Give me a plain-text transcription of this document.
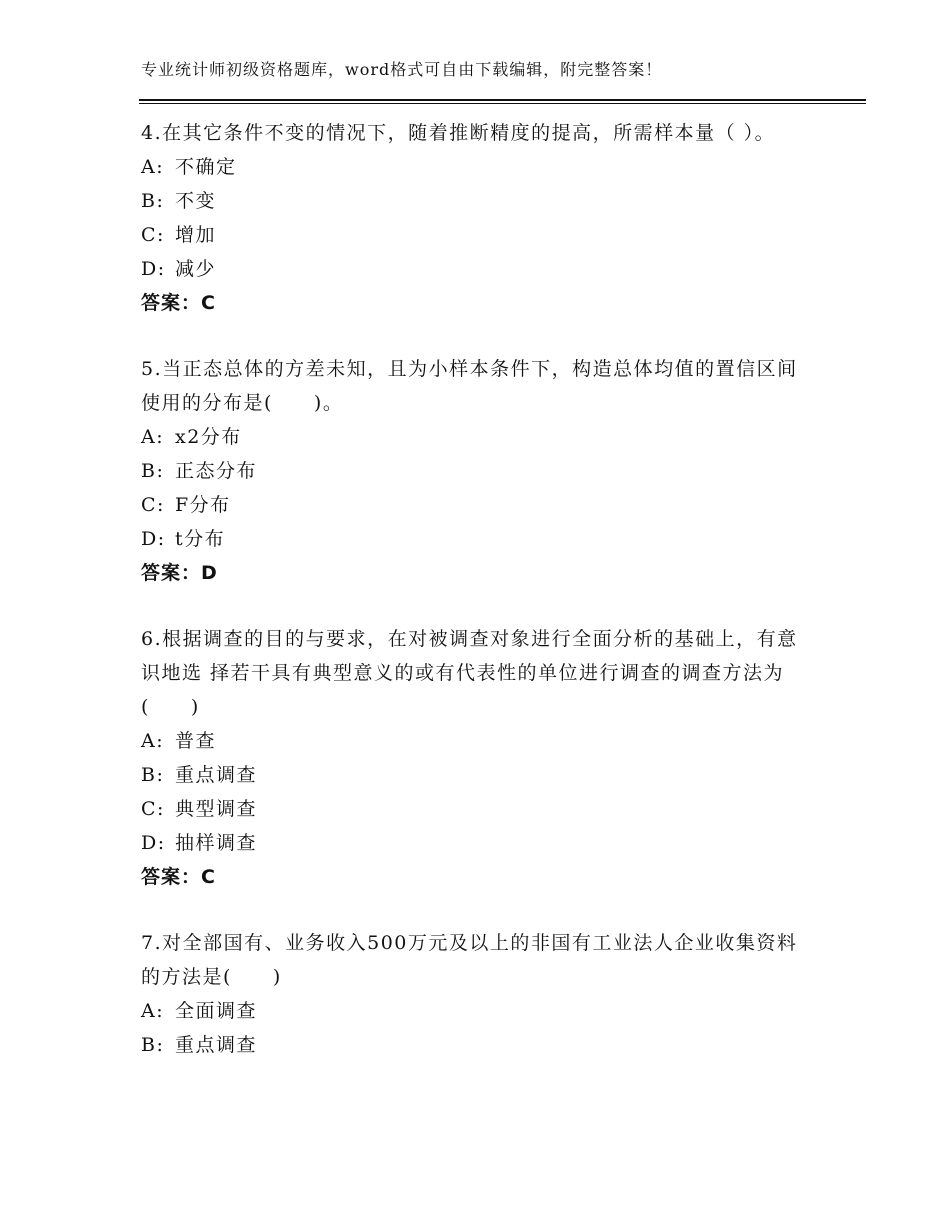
专业统计师初级资格题库，word格式可自由下载编辑，附完整答案！

4.在其它条件不变的情况下，随着推断精度的提高，所需样本量（ ）。

A: 不确定

B: 不变

C: 增加

D: 减少

答案：C

5.当正态总体的方差未知，且为小样本条件下，构造总体均值的置信区间使用的分布是(　　)。

A: x2分布

B: 正态分布

C: F分布

D: t分布

答案：D

6.根据调查的目的与要求，在对被调查对象进行全面分析的基础上，有意识地选 择若干具有典型意义的或有代表性的单位进行调查的调查方法为(　　)

A: 普查

B: 重点调查

C: 典型调查

D: 抽样调查

答案：C

7.对全部国有、业务收入500万元及以上的非国有工业法人企业收集资料的方法是(　　)

A: 全面调查

B: 重点调查
